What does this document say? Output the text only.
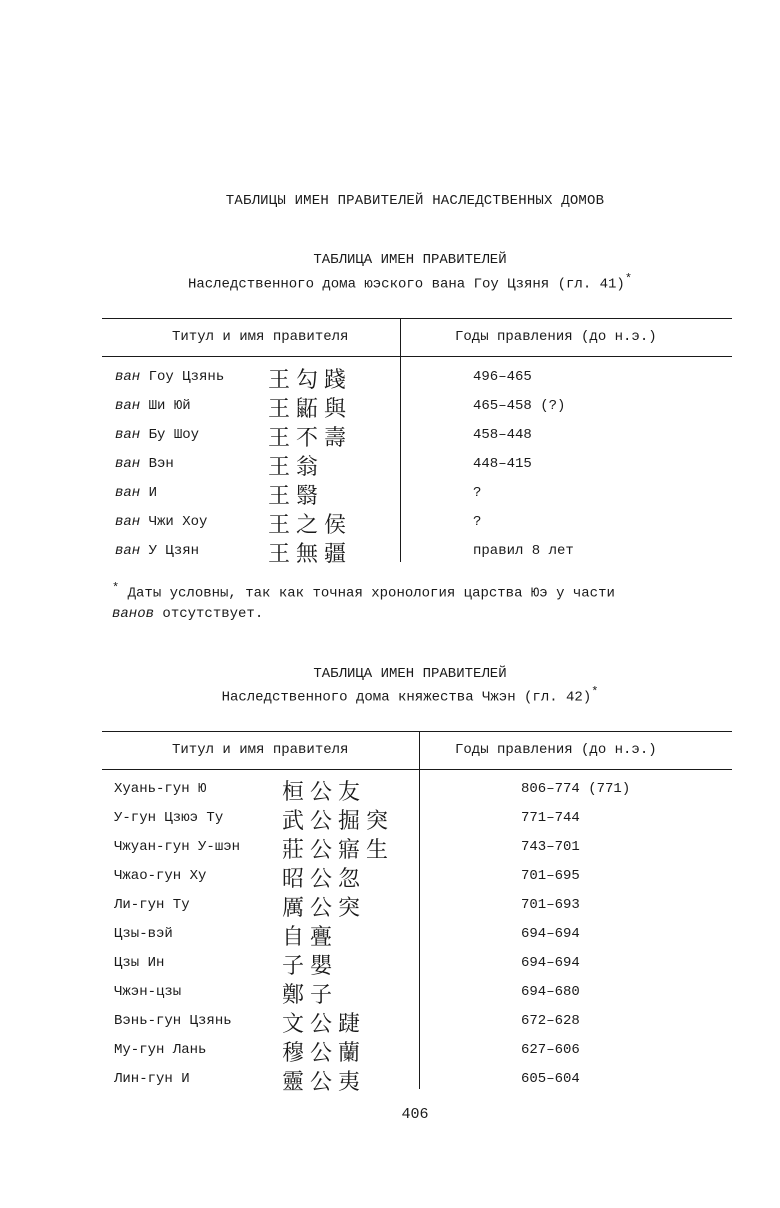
ТАБЛИЦЫ ИМЕН ПРАВИТЕЛЕЙ НАСЛЕДСТВЕННЫХ ДОМОВ
ТАБЛИЦА ИМЕН ПРАВИТЕЛЕЙ
Наследственного дома юэского вана Гоу Цзяня (гл. 41)*
Титул и имя правителя	Годы правления (до н.э.)
ван Гоу Цзянь 王勾踐	496–465
ван Ши Юй	王鼫與	465–458 (?)
ван Бу Шоу	王不壽	458–448
ван Вэн	王翁	448–415
ван И	王翳	?
ван Чжи Хоу	王之侯	?
ван У Цзян	王無疆	правил 8 лет
* Даты условны, так как точная хронология царства Юэ у части
ванов отсутствует.
ТАБЛИЦА ИМЕН ПРАВИТЕЛЕЙ
Наследственного дома княжества Чжэн (гл. 42)*
Титул и имя правителя	Годы правления (до н.э.)
Хуань-гун Ю	桓公友	806–774 (771)
У-гун Цзюэ Ту	武公掘突	771–744
Чжуан-гун У-шэн 莊公寤生	743–701
Чжао-гун Ху	昭公忽	701–695
Ли-гун Ту	厲公突	701–693
Цзы-вэй	自亹	694–694
Цзы Ин	子嬰	694–694
Чжэн-цзы	鄭子	694–680
Вэнь-гун Цзянь 文公踕	672–628
Му-гун Лань	穆公蘭	627–606
Лин-гун И	靈公夷	605–604
406
